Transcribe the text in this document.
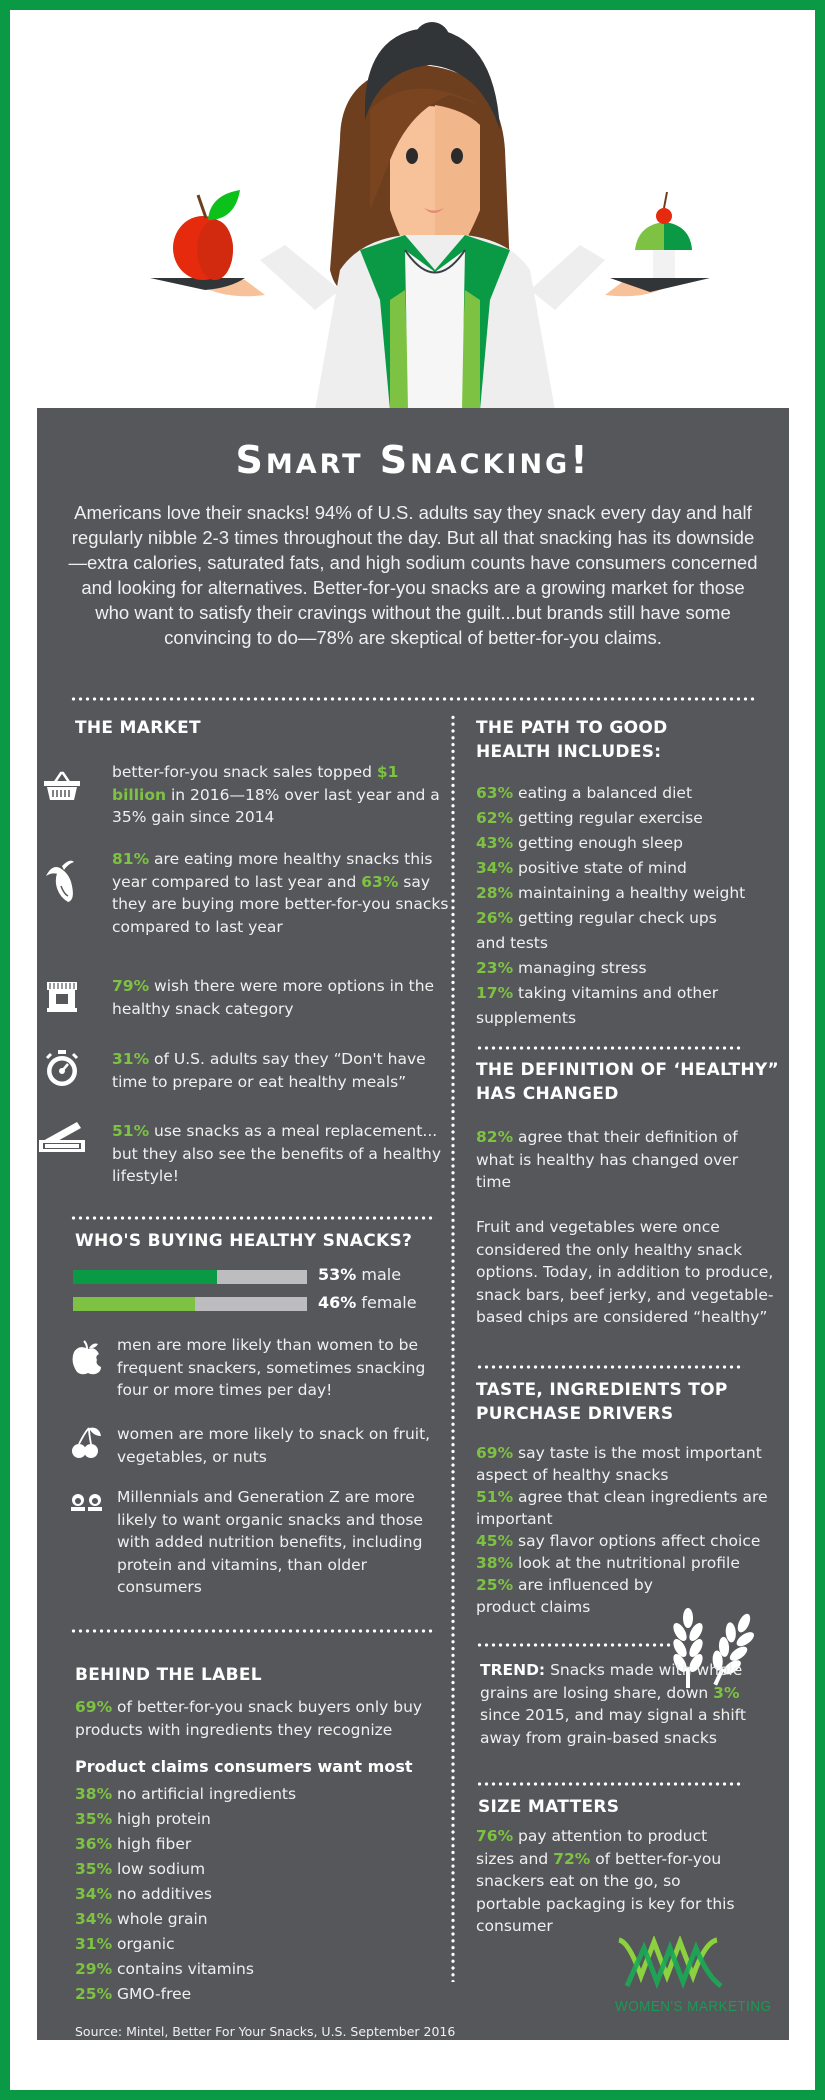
Smart Snacking!
Americans love their snacks! 94% of U.S. adults say they snack every day and half regularly nibble 2-3 times throughout the day. But all that snacking has its downside—extra calories, saturated fats, and high sodium counts have consumers concerned and looking for alternatives. Better-for-you snacks are a growing market for those who want to satisfy their cravings without the guilt...but brands still have some convincing to do—78% are skeptical of better-for-you claims.
THE MARKET
better-for-you snack sales topped $1 billion in 2016—18% over last year and a 35% gain since 2014
81% are eating more healthy snacks this year compared to last year and 63% say they are buying more better-for-you snacks compared to last year
79% wish there were more options in the healthy snack category
31% of U.S. adults say they “Don't have time to prepare or eat healthy meals”
51% use snacks as a meal replacement... but they also see the benefits of a healthy lifestyle!
WHO'S BUYING HEALTHY SNACKS?
53% male
46% female
men are more likely than women to be frequent snackers, sometimes snacking four or more times per day!
women are more likely to snack on fruit, vegetables, or nuts
Millennials and Generation Z are more likely to want organic snacks and those with added nutrition benefits, including protein and vitamins, than older consumers
BEHIND THE LABEL
69% of better-for-you snack buyers only buy products with ingredients they recognize
Product claims consumers want most
38% no artificial ingredients
35% high protein
36% high fiber
35% low sodium
34% no additives
34% whole grain
31% organic
29% contains vitamins
25% GMO-free
Source: Mintel, Better For Your Snacks, U.S. September 2016
THE PATH TO GOOD
HEALTH INCLUDES:
63% eating a balanced diet
62% getting regular exercise
43% getting enough sleep
34% positive state of mind
28% maintaining a healthy weight
26% getting regular check ups
and tests
23% managing stress
17% taking vitamins and other
supplements
THE DEFINITION OF ‘HEALTHY”
HAS CHANGED
82% agree that their definition of what is healthy has changed over time
Fruit and vegetables were once considered the only healthy snack options. Today, in addition to produce, snack bars, beef jerky, and vegetable-based chips are considered “healthy”
TASTE, INGREDIENTS TOP
PURCHASE DRIVERS
69% say taste is the most important aspect of healthy snacks
51% agree that clean ingredients are important
45% say flavor options affect choice
38% look at the nutritional profile
25% are influenced by product claims
TREND: Snacks made with whole grains are losing share, down 3% since 2015, and may signal a shift away from grain-based snacks
SIZE MATTERS
76% pay attention to product sizes and 72% of better-for-you snackers eat on the go, so portable packaging is key for this consumer
WOMEN'S MARKETING
